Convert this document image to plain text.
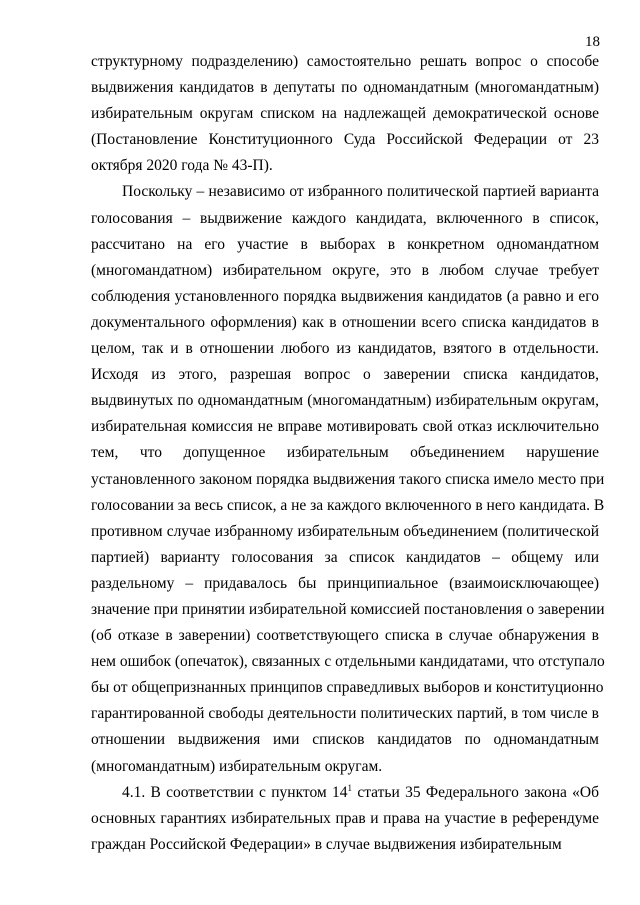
18
структурному подразделению) самостоятельно решать вопрос о способе
выдвижения кандидатов в депутаты по одномандатным (многомандатным)
избирательным округам списком на надлежащей демократической основе
(Постановление Конституционного Суда Российской Федерации от 23
октября 2020 года № 43-П).
Поскольку – независимо от избранного политической партией варианта
голосования – выдвижение каждого кандидата, включенного в список,
рассчитано на его участие в выборах в конкретном одномандатном
(многомандатном) избирательном округе, это в любом случае требует
соблюдения установленного порядка выдвижения кандидатов (а равно и его
документального оформления) как в отношении всего списка кандидатов в
целом, так и в отношении любого из кандидатов, взятого в отдельности.
Исходя из этого, разрешая вопрос о заверении списка кандидатов,
выдвинутых по одномандатным (многомандатным) избирательным округам,
избирательная комиссия не вправе мотивировать свой отказ исключительно
тем, что допущенное избирательным объединением нарушение
установленного законом порядка выдвижения такого списка имело место при
голосовании за весь список, а не за каждого включенного в него кандидата. В
противном случае избранному избирательным объединением (политической
партией) варианту голосования за список кандидатов – общему или
раздельному – придавалось бы принципиальное (взаимоисключающее)
значение при принятии избирательной комиссией постановления о заверении
(об отказе в заверении) соответствующего списка в случае обнаружения в
нем ошибок (опечаток), связанных с отдельными кандидатами, что отступало
бы от общепризнанных принципов справедливых выборов и конституционно
гарантированной свободы деятельности политических партий, в том числе в
отношении выдвижения ими списков кандидатов по одномандатным
(многомандатным) избирательным округам.
4.1. В соответствии с пунктом $14^1$ статьи 35 Федерального закона «Об
основных гарантиях избирательных прав и права на участие в референдуме
граждан Российской Федерации» в случае выдвижения избирательным
